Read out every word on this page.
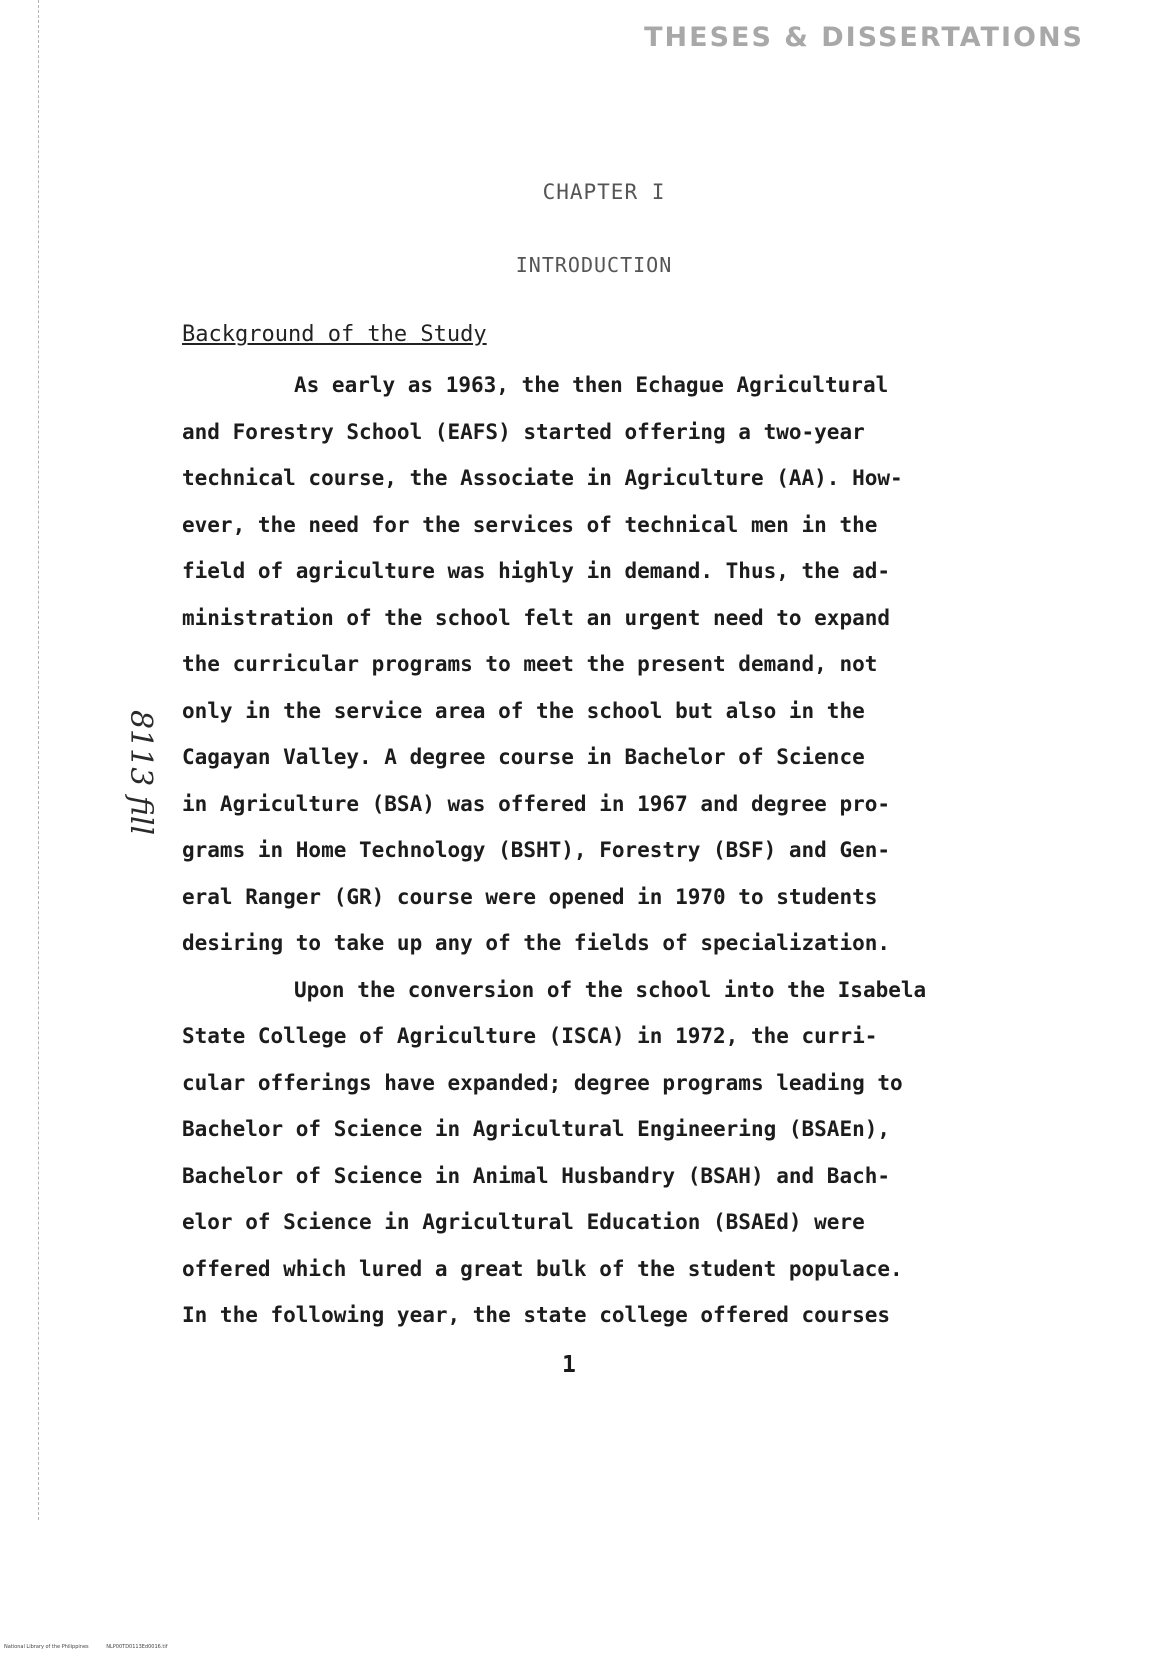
THESES & DISSERTATIONS
8113 fill
CHAPTER I
INTRODUCTION
Background of the Study
As early as 1963, the then Echague Agricultural
and Forestry School (EAFS) started offering a two-year
technical course, the Associate in Agriculture (AA). How-
ever, the need for the services of technical men in the
field of agriculture was highly in demand. Thus, the ad-
ministration of the school felt an urgent need to expand
the curricular programs to meet the present demand, not
only in the service area of the school but also in the
Cagayan Valley. A degree course in Bachelor of Science
in Agriculture (BSA) was offered in 1967 and degree pro-
grams in Home Technology (BSHT), Forestry (BSF) and Gen-
eral Ranger (GR) course were opened in 1970 to students
desiring to take up any of the fields of specialization.
Upon the conversion of the school into the Isabela
State College of Agriculture (ISCA) in 1972, the curri-
cular offerings have expanded; degree programs leading to
Bachelor of Science in Agricultural Engineering (BSAEn),
Bachelor of Science in Animal Husbandry (BSAH) and Bach-
elor of Science in Agricultural Education (BSAEd) were
offered which lured a great bulk of the student populace.
In the following year, the state college offered courses
1
National Library of the Philippines	NLP00TD0113Ed0016.tif
